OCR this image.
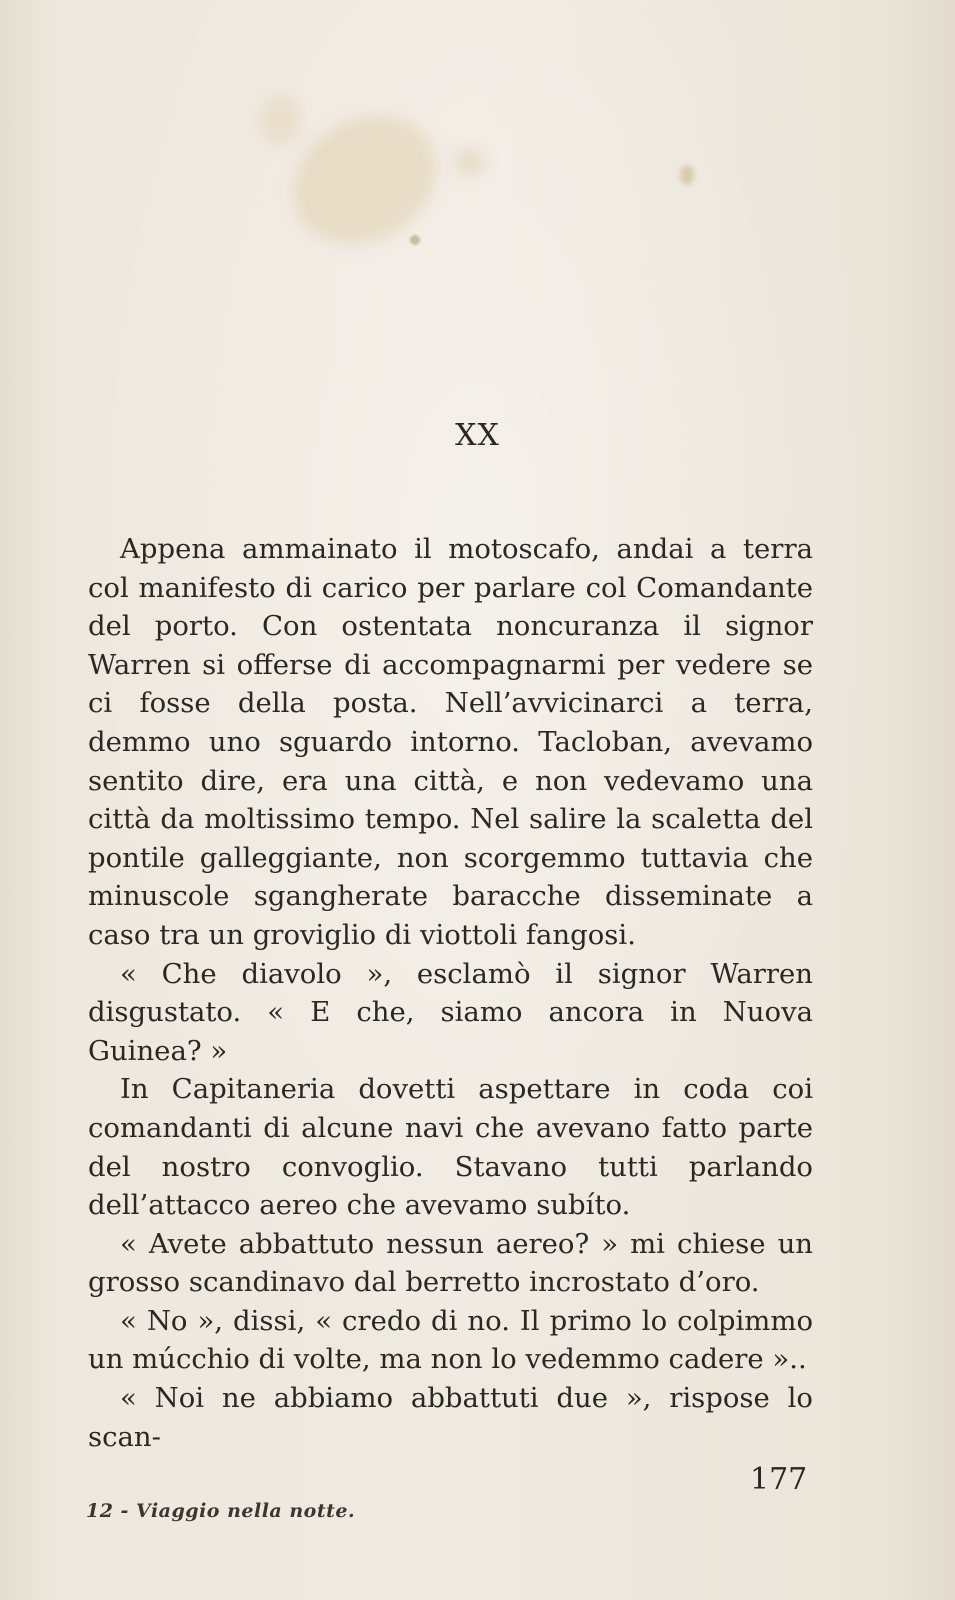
XX

Appena ammainato il motoscafo, andai a terra col manifesto di carico per parlare col Comandante del porto. Con ostentata noncuranza il signor Warren si offerse di accompagnarmi per vedere se ci fosse della posta. Nell’avvicinarci a terra, demmo uno sguardo intorno. Tacloban, avevamo sentito dire, era una città, e non vedevamo una città da moltissimo tempo. Nel salire la scaletta del pontile galleggiante, non scorgemmo tuttavia che minuscole sgangherate baracche disseminate a caso tra un groviglio di viottoli fangosi.

« Che diavolo », esclamò il signor Warren disgustato. « E che, siamo ancora in Nuova Guinea? »

In Capitaneria dovetti aspettare in coda coi comandanti di alcune navi che avevano fatto parte del nostro convoglio. Stavano tutti parlando dell’attacco aereo che avevamo subíto.

« Avete abbattuto nessun aereo? » mi chiese un grosso scandinavo dal berretto incrostato d’oro.

« No », dissi, « credo di no. Il primo lo colpimmo un múcchio di volte, ma non lo vedemmo cadere »..

« Noi ne abbiamo abbattuti due », rispose lo scan-

177
12 - Viaggio nella notte.
